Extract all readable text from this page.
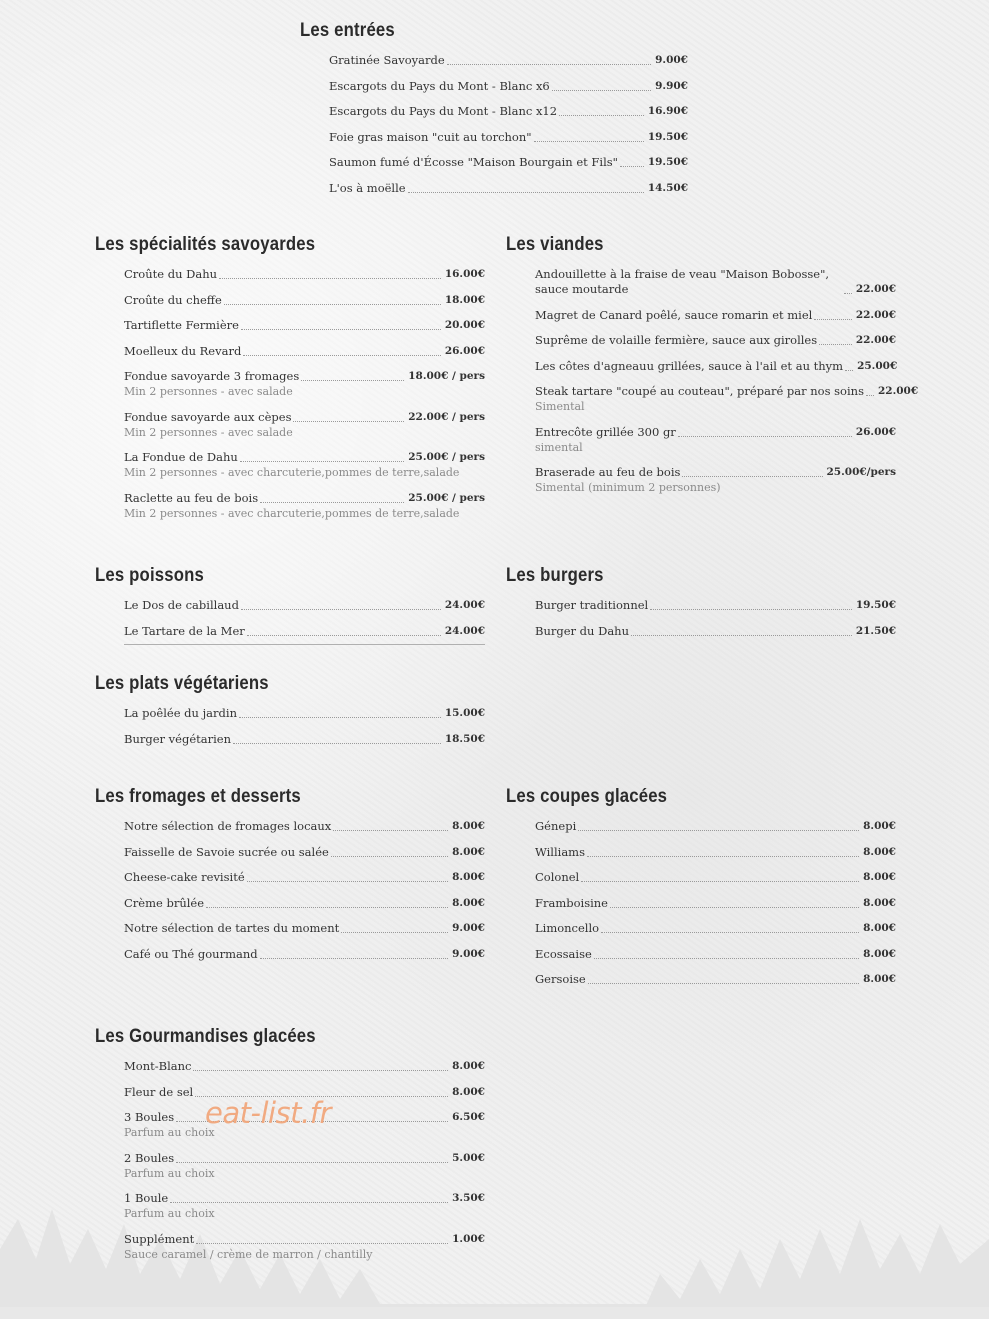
Les entrées
Gratinée Savoyarde	9.00€
Escargots du Pays du Mont - Blanc x6	9.90€
Escargots du Pays du Mont - Blanc x12	16.90€
Foie gras maison "cuit au torchon"	19.50€
Saumon fumé d'Écosse "Maison Bourgain et Fils"	19.50€
L'os à moëlle	14.50€
Les spécialités savoyardes
Croûte du Dahu	16.00€
Croûte du cheffe	18.00€
Tartiflette Fermière	20.00€
Moelleux du Revard	26.00€
Fondue savoyarde 3 fromages	18.00€ / pers
Min 2 personnes - avec salade
Fondue savoyarde aux cèpes	22.00€ / pers
Min 2 personnes - avec salade
La Fondue de Dahu	25.00€ / pers
Min 2 personnes - avec charcuterie,pommes de terre,salade
Raclette au feu de bois	25.00€ / pers
Min 2 personnes - avec charcuterie,pommes de terre,salade
Les viandes
Andouillette à la fraise de veau "Maison Bobosse", sauce moutarde	22.00€
Magret de Canard poêlé, sauce romarin et miel	22.00€
Suprême de volaille fermière, sauce aux girolles	22.00€
Les côtes d'agneauu grillées, sauce à l'ail et au thym 25.00€
Steak tartare "coupé au couteau", préparé par nos soins 22.00€
Simental
Entrecôte grillée 300 gr	26.00€
simental
Braserade au feu de bois	25.00€/pers
Simental (minimum 2 personnes)
Les poissons
Le Dos de cabillaud	24.00€
Le Tartare de la Mer	24.00€
Les burgers
Burger traditionnel	19.50€
Burger du Dahu	21.50€
Les plats végétariens
La poêlée du jardin	15.00€
Burger végétarien	18.50€
Les fromages et desserts
Notre sélection de fromages locaux	8.00€
Faisselle de Savoie sucrée ou salée	8.00€
Cheese-cake revisité	8.00€
Crème brûlée	8.00€
Notre sélection de tartes du moment	9.00€
Café ou Thé gourmand	9.00€
Les coupes glacées
Génepi	8.00€
Williams	8.00€
Colonel	8.00€
Framboisine	8.00€
Limoncello	8.00€
Ecossaise	8.00€
Gersoise	8.00€
Les Gourmandises glacées
Mont-Blanc	8.00€
Fleur de sel	8.00€
3 Boules	6.50€
Parfum au choix
2 Boules	5.00€
Parfum au choix
1 Boule	3.50€
Parfum au choix
Supplément	1.00€
Sauce caramel / crème de marron / chantilly
eat-list.fr
